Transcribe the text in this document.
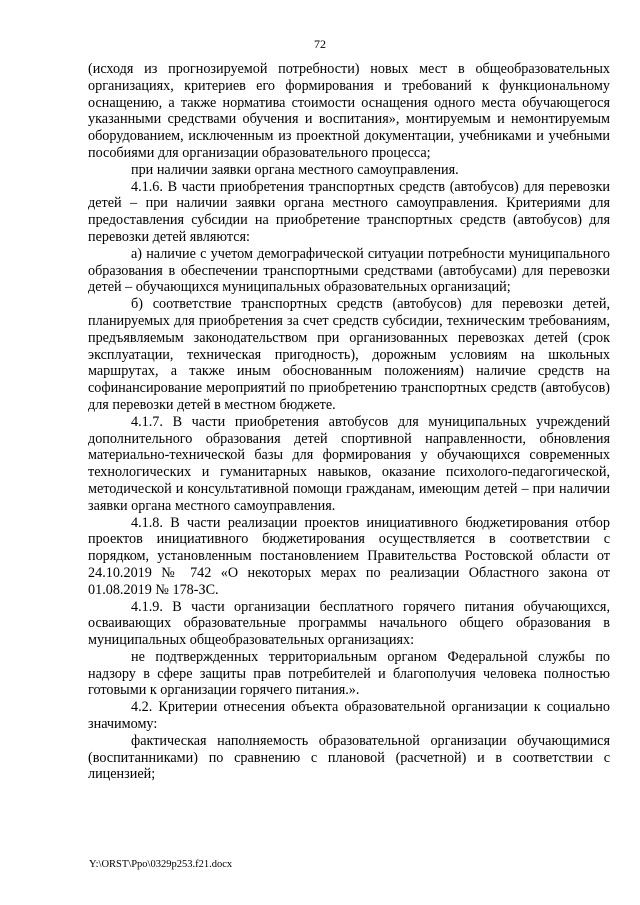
72

(исходя из прогнозируемой потребности) новых мест в общеобразовательных организациях, критериев его формирования и требований к функциональному оснащению, а также норматива стоимости оснащения одного места обучающегося указанными средствами обучения и воспитания», монтируемым и немонтируемым оборудованием, исключенным из проектной документации, учебниками и учебными пособиями для организации образовательного процесса;

при наличии заявки органа местного самоуправления.

4.1.6. В части приобретения транспортных средств (автобусов) для перевозки детей – при наличии заявки органа местного самоуправления. Критериями для предоставления субсидии на приобретение транспортных средств (автобусов) для перевозки детей являются:

а) наличие с учетом демографической ситуации потребности муниципального образования в обеспечении транспортными средствами (автобусами) для перевозки детей – обучающихся муниципальных образовательных организаций;

б) соответствие транспортных средств (автобусов) для перевозки детей, планируемых для приобретения за счет средств субсидии, техническим требованиям, предъявляемым законодательством при организованных перевозках детей (срок эксплуатации, техническая пригодность), дорожным условиям на школьных маршрутах, а также иным обоснованным положениям) наличие средств на софинансирование мероприятий по приобретению транспортных средств (автобусов) для перевозки детей в местном бюджете.

4.1.7. В части приобретения автобусов для муниципальных учреждений дополнительного образования детей спортивной направленности, обновления материально-технической базы для формирования у обучающихся современных технологических и гуманитарных навыков, оказание психолого-педагогической, методической и консультативной помощи гражданам, имеющим детей – при наличии заявки органа местного самоуправления.

4.1.8. В части реализации проектов инициативного бюджетирования отбор проектов инициативного бюджетирования осуществляется в соответствии с порядком, установленным постановлением Правительства Ростовской области от 24.10.2019 № 742 «О некоторых мерах по реализации Областного закона от 01.08.2019 № 178-ЗС.

4.1.9. В части организации бесплатного горячего питания обучающихся, осваивающих образовательные программы начального общего образования в муниципальных общеобразовательных организациях:

не подтвержденных территориальным органом Федеральной службы по надзору в сфере защиты прав потребителей и благополучия человека полностью готовыми к организации горячего питания.».

4.2. Критерии отнесения объекта образовательной организации к социально значимому:

фактическая наполняемость образовательной организации обучающимися (воспитанниками) по сравнению с плановой (расчетной) и в соответствии с лицензией;

Y:\ORST\Ppo\0329p253.f21.docx
